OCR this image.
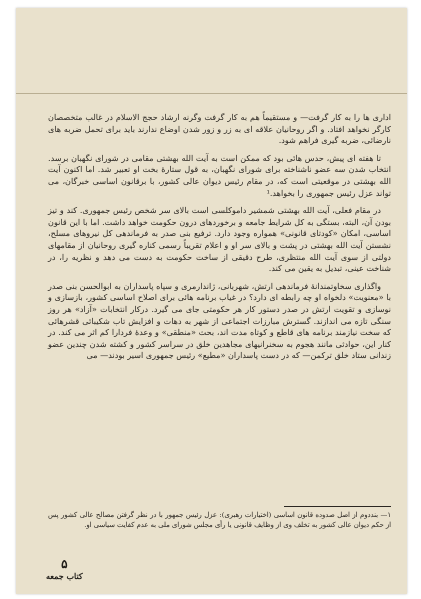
اداری ها را به کار گرفت— و مستقیماً هم به کار گرفت وگرنه ارشاد حجج الاسلام در غالب متخصصان کارگر نخواهد افتاد. و اگر روحانیان علاقه ای به زر و زور شدن اوضاع ندارند باید برای تحمل ضربه های نارضائی، ضربه گیری فراهم شود.

تا هفته ای پیش، حدس هائی بود که ممکن است به آیت الله بهشتی مقامی در شورای نگهبان برسد. انتخاب شدن سه عضو ناشناخته برای شورای نگهبان، به قول ستارهٔ بخت او تعبیر شد. اما اکنون آیت الله بهشتی در موقعیتی است که، در مقام رئیس دیوان عالی کشور، با برقانون اساسی خبرگان، می تواند عزل رئیس جمهوری را بخواهد.¹

در مقام فعلی، آیت الله بهشتی شمشیر داموکلسی است بالای سر شخص رئیس جمهوری. کند و تیز بودن آن، البته، بستگی به کل شرایط جامعه و برخوردهای درون حکومت خواهد داشت. اما با این قانون اساسی، امکان «کودتای قانونی» همواره وجود دارد. ترفیع بنی صدر به فرماندهی کل نیروهای مسلح، نشستن آیت الله بهشتی در پشت و بالای سر او و اعلام تقریباً رسمی کناره گیری روحانیان از مقامهای دولتی از سوی آیت الله منتظری، طرح دقیقی از ساخت حکومت به دست می دهد و نظریه را، در شناخت عینی، تبدیل به یقین می کند.

واگذاری سخاوتمندانهٔ فرماندهی ارتش، شهربانی، ژاندارمری و سپاه پاسداران به ابوالحسن بنی صدر با «معنویت» دلخواه او چه رابطه ای دارد؟ در غیاب برنامه هائی برای اصلاح اساسی کشور، بازسازی و نوسازی و تقویت ارتش در صدر دستور کار هر حکومتی جای می گیرد. درکار انتخابات «آزاد» هر روز سنگی تازه می اندازند. گسترش مبارزات اجتماعی از شهر به دهات و افزایش تاب شکیبائی قشرهائی که سخت نیازمند برنامه های قاطع و کوتاه مدت اند، بحث «منطقی» و وعدهٔ فردارا کم اثر می کند. در کنار این، حوادثی مانند هجوم به سخنرانیهای مجاهدین خلق در سراسر کشور و کشته شدن چندین عضو زندانی ستاد خلق ترکمن— که در دست پاسداران «مطیع» رئیس جمهوری اسیر بودند— می

۱— بنددوم از اصل صدوده قانون اساسی (اختیارات رهبری): عزل رئیس جمهور با در نظر گرفتن مصالح عالی کشور پس از حکم دیوان عالی کشور به تخلف وی از وظایف قانونی یا رأی مجلس شورای ملی به عدم کفایت سیاسی او.
۵
کتاب جمعه
